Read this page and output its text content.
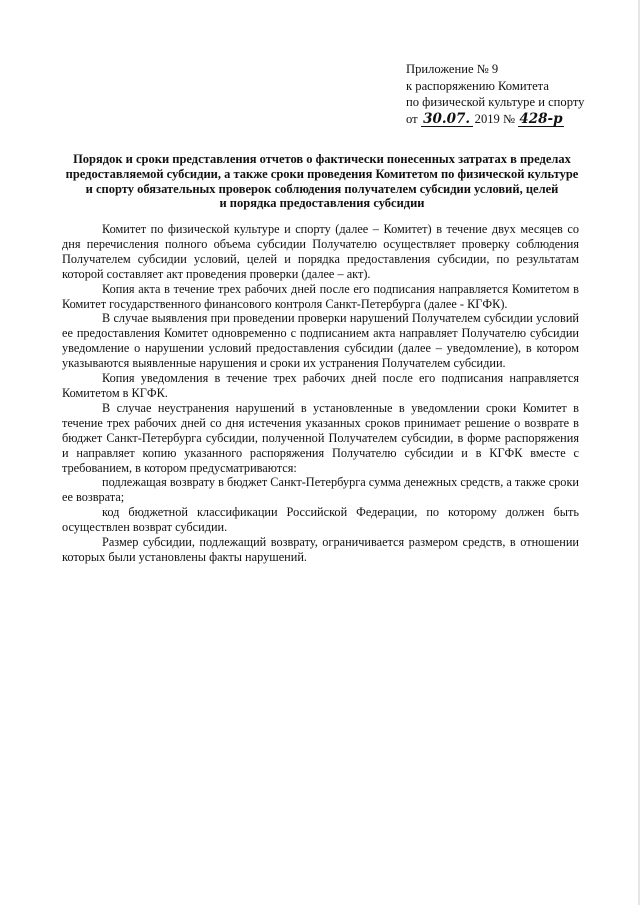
Приложение № 9
к распоряжению Комитета
по физической культуре и спорту
от 30.07. 2019 № 428-р
Порядок и сроки представления отчетов о фактически понесенных затратах в пределах
предоставляемой субсидии, а также сроки проведения Комитетом по физической культуре
и спорту обязательных проверок соблюдения получателем субсидии условий, целей
и порядка предоставления субсидии

Комитет по физической культуре и спорту (далее – Комитет) в течение двух месяцев со дня перечисления полного объема субсидии Получателю осуществляет проверку соблюдения Получателем субсидии условий, целей и порядка предоставления субсидии, по результатам которой составляет акт проведения проверки (далее – акт).

Копия акта в течение трех рабочих дней после его подписания направляется Комитетом в Комитет государственного финансового контроля Санкт-Петербурга (далее - КГФК).

В случае выявления при проведении проверки нарушений Получателем субсидии условий ее предоставления Комитет одновременно с подписанием акта направляет Получателю субсидии уведомление о нарушении условий предоставления субсидии (далее – уведомление), в котором указываются выявленные нарушения и сроки их устранения Получателем субсидии.

Копия уведомления в течение трех рабочих дней после его подписания направляется Комитетом в КГФК.

В случае неустранения нарушений в установленные в уведомлении сроки Комитет в течение трех рабочих дней со дня истечения указанных сроков принимает решение о возврате в бюджет Санкт-Петербурга субсидии, полученной Получателем субсидии, в форме распоряжения и направляет копию указанного распоряжения Получателю субсидии и в КГФК вместе с требованием, в котором предусматриваются:

подлежащая возврату в бюджет Санкт-Петербурга сумма денежных средств, а также сроки ее возврата;

код бюджетной классификации Российской Федерации, по которому должен быть осуществлен возврат субсидии.

Размер субсидии, подлежащий возврату, ограничивается размером средств, в отношении которых были установлены факты нарушений.
